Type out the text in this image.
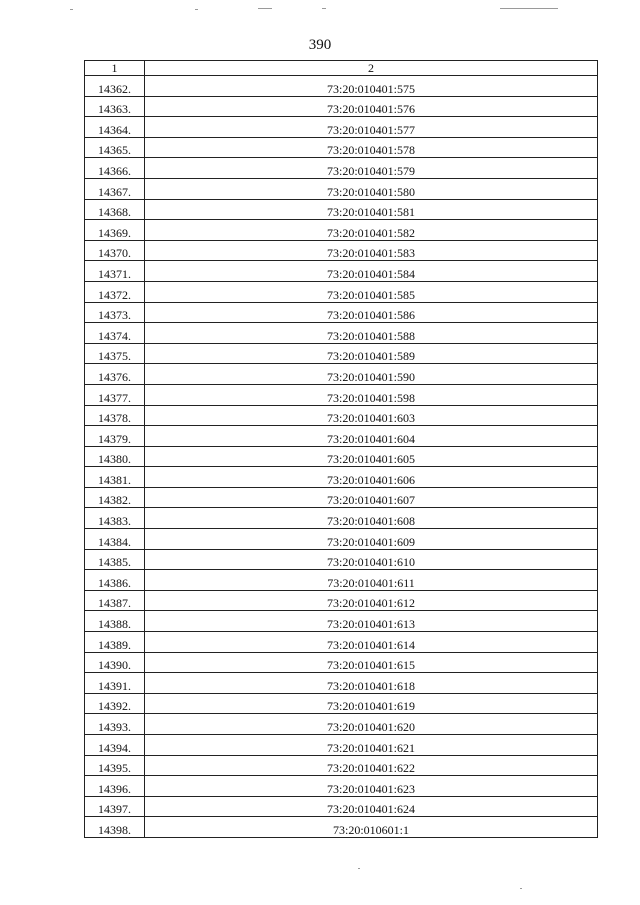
390
1	2
14362.	73:20:010401:575
14363.	73:20:010401:576
14364.	73:20:010401:577
14365.	73:20:010401:578
14366.	73:20:010401:579
14367.	73:20:010401:580
14368.	73:20:010401:581
14369.	73:20:010401:582
14370.	73:20:010401:583
14371.	73:20:010401:584
14372.	73:20:010401:585
14373.	73:20:010401:586
14374.	73:20:010401:588
14375.	73:20:010401:589
14376.	73:20:010401:590
14377.	73:20:010401:598
14378.	73:20:010401:603
14379.	73:20:010401:604
14380.	73:20:010401:605
14381.	73:20:010401:606
14382.	73:20:010401:607
14383.	73:20:010401:608
14384.	73:20:010401:609
14385.	73:20:010401:610
14386.	73:20:010401:611
14387.	73:20:010401:612
14388.	73:20:010401:613
14389.	73:20:010401:614
14390.	73:20:010401:615
14391.	73:20:010401:618
14392.	73:20:010401:619
14393.	73:20:010401:620
14394.	73:20:010401:621
14395.	73:20:010401:622
14396.	73:20:010401:623
14397.	73:20:010401:624
14398.	73:20:010601:1
